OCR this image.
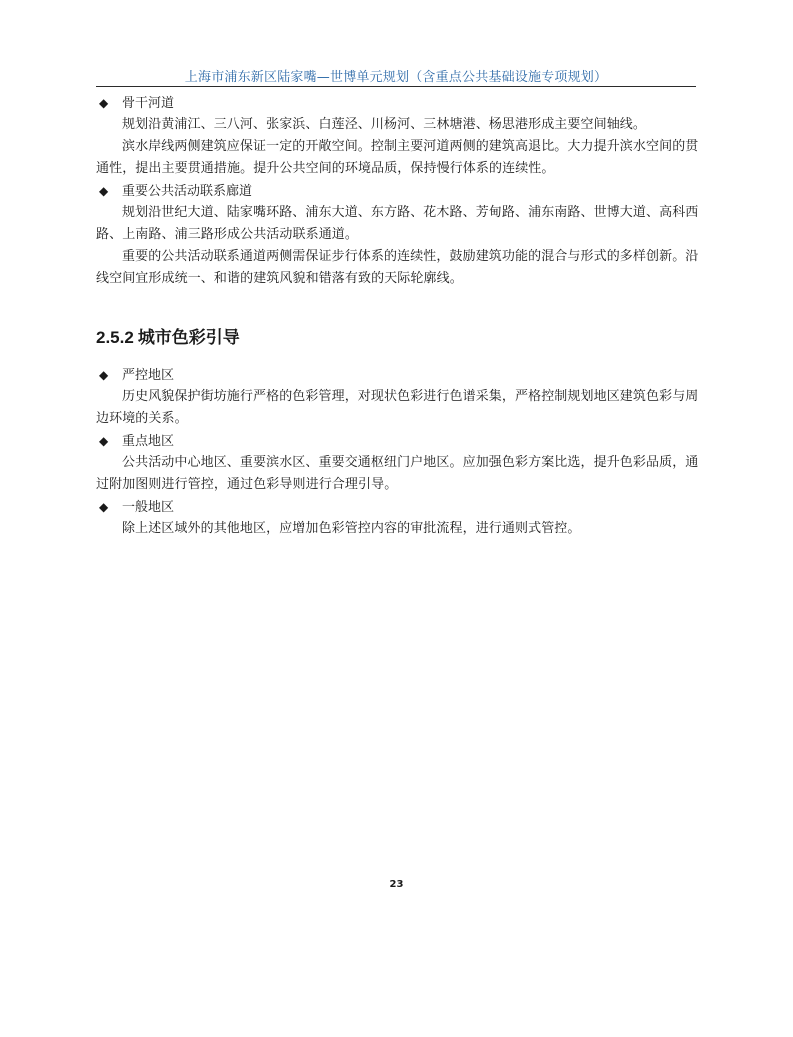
上海市浦东新区陆家嘴—世博单元规划（含重点公共基础设施专项规划）
◆ 骨干河道

规划沿黄浦江、三八河、张家浜、白莲泾、川杨河、三林塘港、杨思港形成主要空间轴线。

滨水岸线两侧建筑应保证一定的开敞空间。控制主要河道两侧的建筑高退比。大力提升滨水空间的贯通性，提出主要贯通措施。提升公共空间的环境品质，保持慢行体系的连续性。

◆ 重要公共活动联系廊道

规划沿世纪大道、陆家嘴环路、浦东大道、东方路、花木路、芳甸路、浦东南路、世博大道、高科西路、上南路、浦三路形成公共活动联系通道。

重要的公共活动联系通道两侧需保证步行体系的连续性，鼓励建筑功能的混合与形式的多样创新。沿线空间宜形成统一、和谐的建筑风貌和错落有致的天际轮廓线。

2.5.2 城市色彩引导
◆ 严控地区

历史风貌保护街坊施行严格的色彩管理，对现状色彩进行色谱采集，严格控制规划地区建筑色彩与周边环境的关系。

◆ 重点地区

公共活动中心地区、重要滨水区、重要交通枢纽门户地区。应加强色彩方案比选，提升色彩品质，通过附加图则进行管控，通过色彩导则进行合理引导。

◆ 一般地区

除上述区域外的其他地区，应增加色彩管控内容的审批流程，进行通则式管控。

23
